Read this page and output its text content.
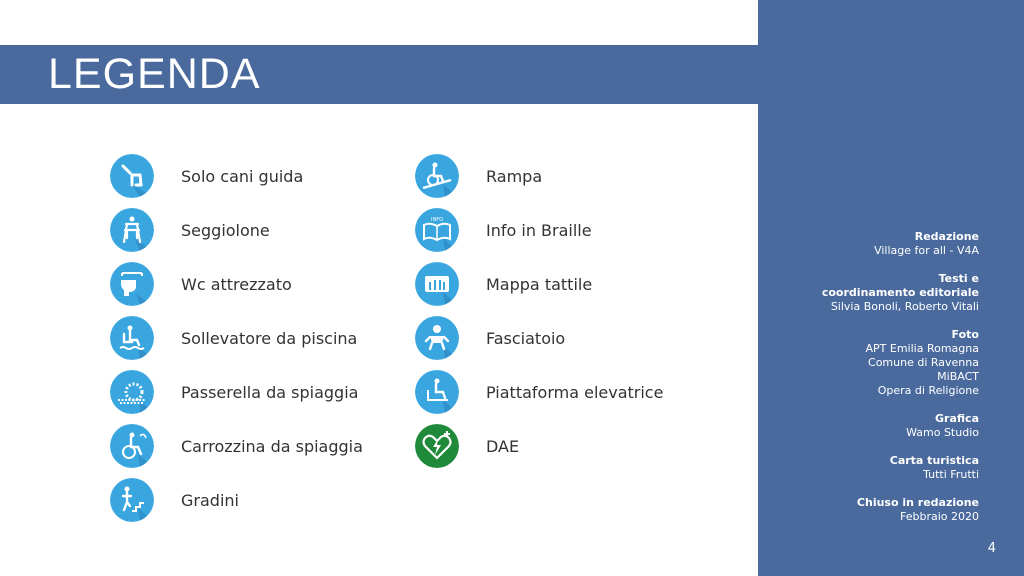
Redazione
Village for all - V4A
Testi e
coordinamento editoriale
Silvia Bonoli, Roberto Vitali
Foto
APT Emilia Romagna
Comune di Ravenna
MiBACT
Opera di Religione
Grafica
Wamo Studio
Carta turistica
Tutti Frutti
Chiuso in redazione
Febbraio 2020
4
LEGENDA
Solo cani guida
Seggiolone
Wc attrezzato
Sollevatore da piscina
Passerella da spiaggia
Carrozzina da spiaggia
Gradini
Rampa
INFO
Info in Braille
Mappa tattile
Fasciatoio
Piattaforma elevatrice
DAE
